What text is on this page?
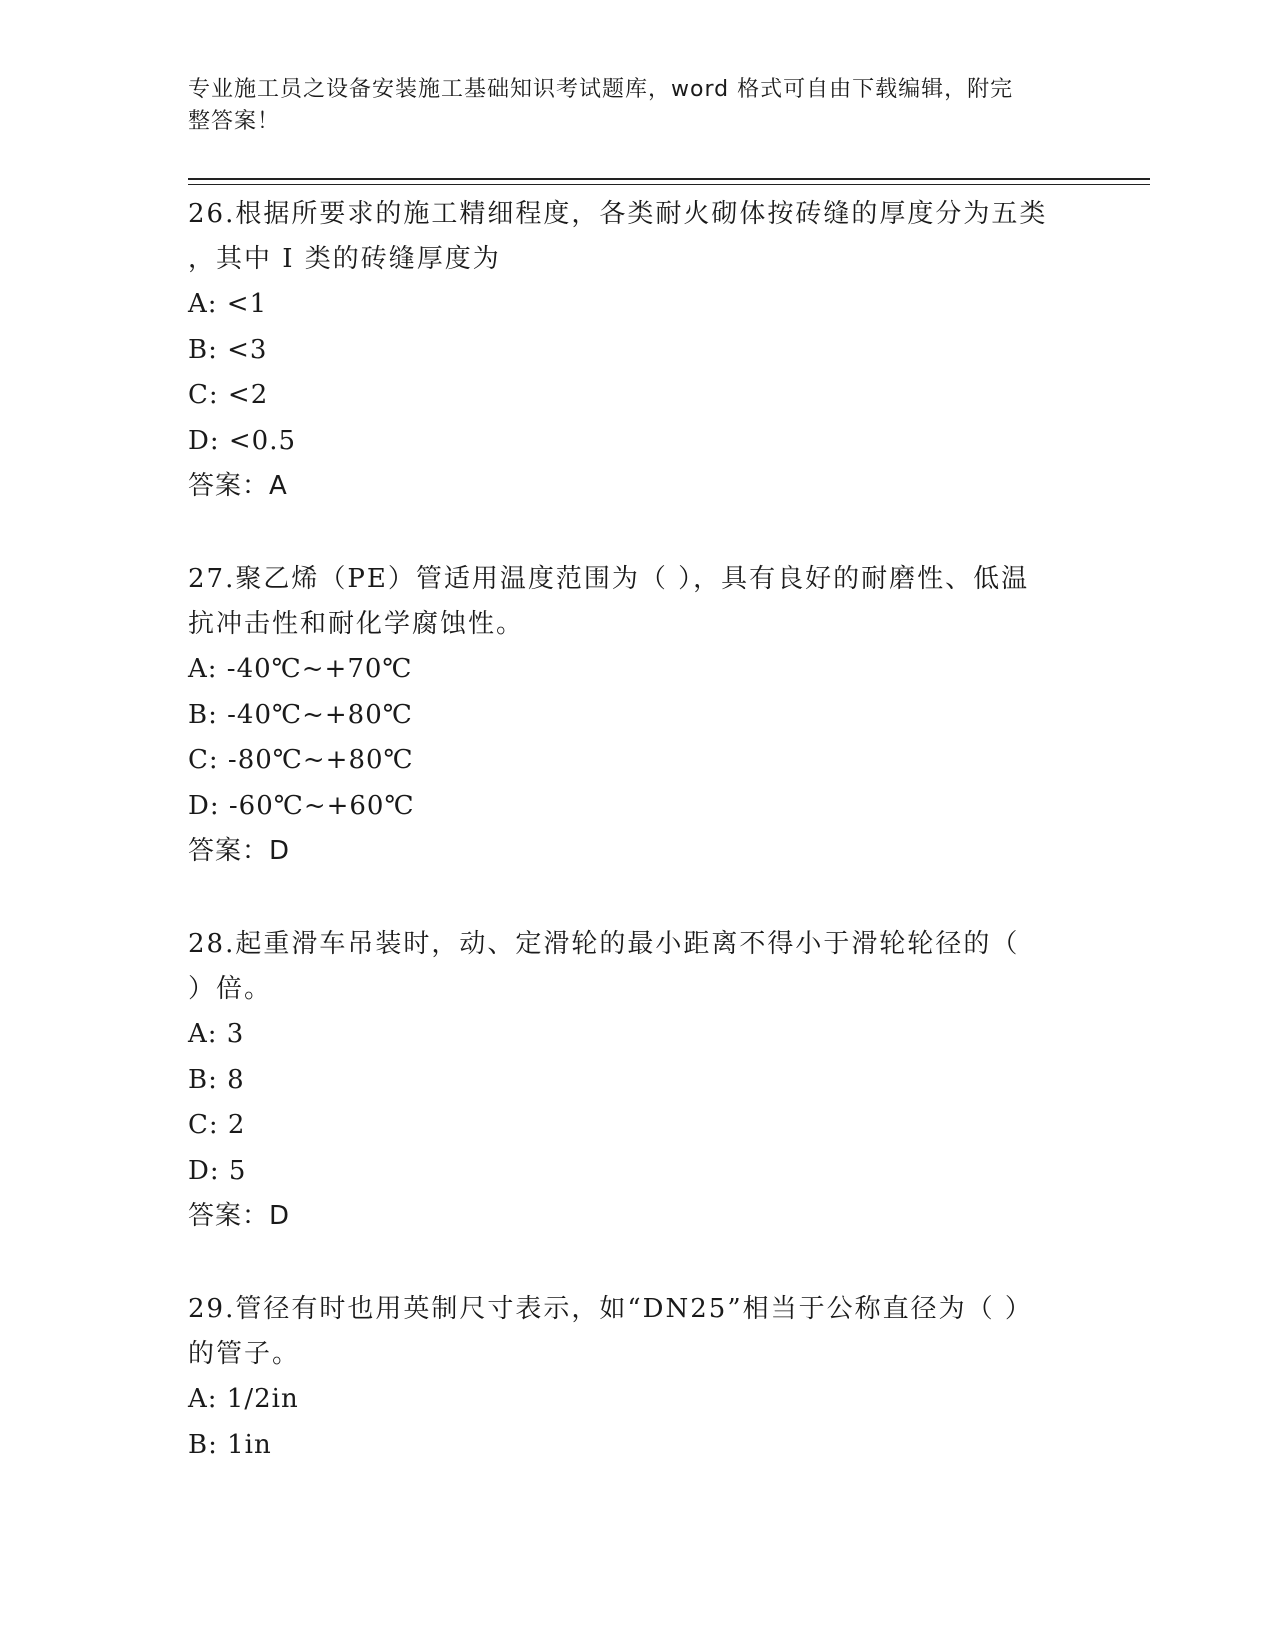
专业施工员之设备安装施工基础知识考试题库，word 格式可自由下载编辑，附完
整答案！
26.根据所要求的施工精细程度，各类耐火砌体按砖缝的厚度分为五类
，其中 I 类的砖缝厚度为
A: <1
B: <3
C: <2
D: <0.5
答案：A
27.聚乙烯（PE）管适用温度范围为（ ），具有良好的耐磨性、低温
抗冲击性和耐化学腐蚀性。
A: -40℃~+70℃
B: -40℃~+80℃
C: -80℃~+80℃
D: -60℃~+60℃
答案：D
28.起重滑车吊装时，动、定滑轮的最小距离不得小于滑轮轮径的（
）倍。
A: 3
B: 8
C: 2
D: 5
答案：D
29.管径有时也用英制尺寸表示，如“DN25”相当于公称直径为（ ）
的管子。
A: 1/2in
B: 1in
